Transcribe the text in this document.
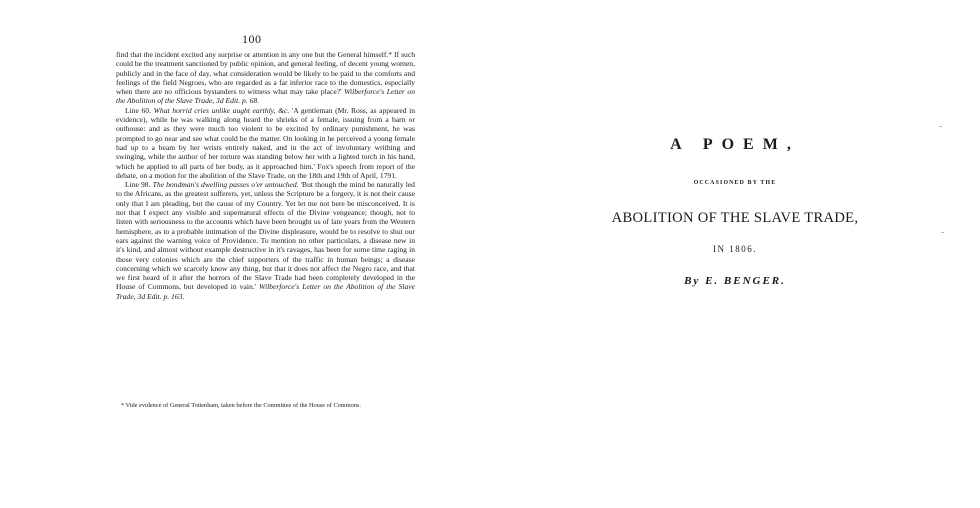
100

find that the incident excited any surprise or attention in any one but the General himself.* If such could be the treatment sanctioned by public opinion, and general feeling, of decent young women, publicly and in the face of day, what consideration would be likely to be paid to the comforts and feelings of the field Negroes, who are regarded as a far inferior race to the domestics, especially when there are no officious bystanders to witness what may take place?' Wilberforce's Letter on the Abolition of the Slave Trade, 3d Edit. p. 68.

Line 60. What horrid cries unlike aught earthly, &c. 'A gentleman (Mr. Ross, as appeared in evidence), while he was walking along heard the shrieks of a female, issuing from a barn or outhouse: and as they were much too violent to be excited by ordinary punishment, he was prompted to go near and see what could be the matter. On looking in he perceived a young female had up to a beam by her wrists entirely naked, and in the act of involuntary writhing and swinging, while the author of her torture was standing below her with a lighted torch in his hand, which he applied to all parts of her body, as it approached him.' Fox's speech from report of the debate, on a motion for the abolition of the Slave Trade, on the 18th and 19th of April, 1791.

Line 98. The bondman's dwelling passes o'er untouched. 'But though the mind be naturally led to the Africans, as the greatest sufferers, yet, unless the Scripture be a forgery, it is not their cause only that I am pleading, but the cause of my Country. Yet let me not here be misconceived. It is not that I expect any visible and supernatural effects of the Divine vengeance; though, not to listen with seriousness to the accounts which have been brought us of late years from the Western hemisphere, as to a probable intimation of the Divine displeasure, would be to resolve to shut our ears against the warning voice of Providence. To mention no other particulars, a disease new in it's kind, and almost without example destructive in it's ravages, has been for some time raging in those very colonies which are the chief supporters of the traffic in human beings; a disease concerning which we scarcely know any thing, but that it does not affect the Negro race, and that we first heard of it after the horrors of the Slave Trade had been completely developed in the House of Commons, but developed in vain.' Wilberforce's Letter on the Abolition of the Slave Trade, 3d Edit. p. 163.

* Vide evidence of General Tottenham, taken before the Committee of the House of Commons.
A POEM,
OCCASIONED BY THE
ABOLITION OF THE SLAVE TRADE,
IN 1806.
By E. BENGER.
